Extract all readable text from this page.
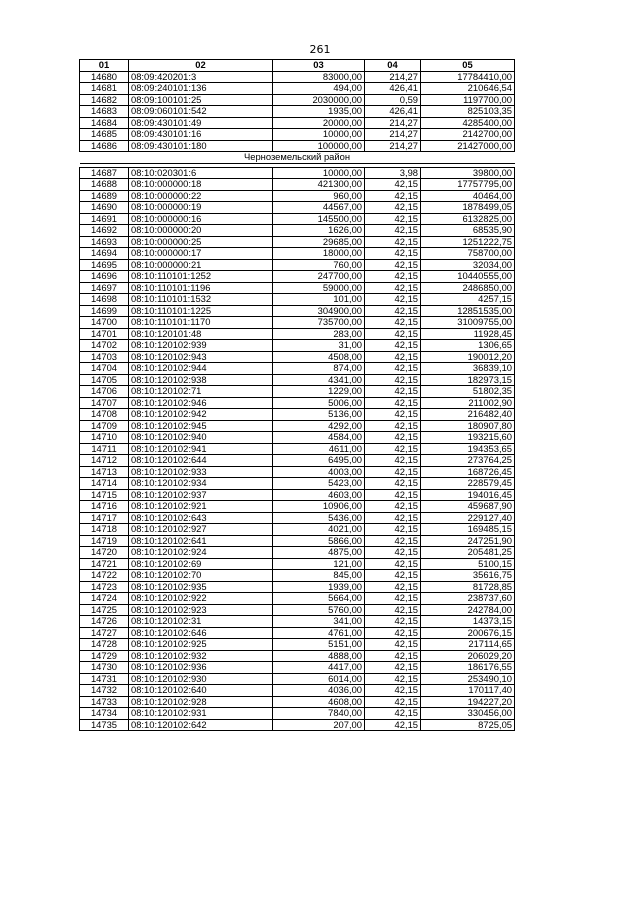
261
01	02	03	04	05
14680	08:09:420201:3	83000,00	214,27	17784410,00
14681	08:09:240101:136	494,00	426,41	210646,54
14682	08:09:100101:25	2030000,00	0,59	1197700,00
14683	08:09:060101:542	1935,00	426,41	825103,35
14684	08:09:430101:49	20000,00	214,27	4285400,00
14685	08:09:430101:16	10000,00	214,27	2142700,00
14686	08:09:430101:180	100000,00	214,27	21427000,00
Черноземельский район				

14687	08:10:020301:6	10000,00	3,98	39800,00
14688	08:10:000000:18	421300,00	42,15	17757795,00
14689	08:10:000000:22	960,00	42,15	40464,00
14690	08:10:000000:19	44567,00	42,15	1878499,05
14691	08:10:000000:16	145500,00	42,15	6132825,00
14692	08:10:000000:20	1626,00	42,15	68535,90
14693	08:10:000000:25	29685,00	42,15	1251222,75
14694	08:10:000000:17	18000,00	42,15	758700,00
14695	08:10:000000:21	760,00	42,15	32034,00
14696	08:10:110101:1252	247700,00	42,15	10440555,00
14697	08:10:110101:1196	59000,00	42,15	2486850,00
14698	08:10:110101:1532	101,00	42,15	4257,15
14699	08:10:110101:1225	304900,00	42,15	12851535,00
14700	08:10:110101:1170	735700,00	42,15	31009755,00
14701	08:10:120101:48	283,00	42,15	11928,45
14702	08:10:120102:939	31,00	42,15	1306,65
14703	08:10:120102:943	4508,00	42,15	190012,20
14704	08:10:120102:944	874,00	42,15	36839,10
14705	08:10:120102:938	4341,00	42,15	182973,15
14706	08:10:120102:71	1229,00	42,15	51802,35
14707	08:10:120102:946	5006,00	42,15	211002,90
14708	08:10:120102:942	5136,00	42,15	216482,40
14709	08:10:120102:945	4292,00	42,15	180907,80
14710	08:10:120102:940	4584,00	42,15	193215,60
14711	08:10:120102:941	4611,00	42,15	194353,65
14712	08:10:120102:644	6495,00	42,15	273764,25
14713	08:10:120102:933	4003,00	42,15	168726,45
14714	08:10:120102:934	5423,00	42,15	228579,45
14715	08:10:120102:937	4603,00	42,15	194016,45
14716	08:10:120102:921	10906,00	42,15	459687,90
14717	08:10:120102:643	5436,00	42,15	229127,40
14718	08:10:120102:927	4021,00	42,15	169485,15
14719	08:10:120102:641	5866,00	42,15	247251,90
14720	08:10:120102:924	4875,00	42,15	205481,25
14721	08:10:120102:69	121,00	42,15	5100,15
14722	08:10:120102:70	845,00	42,15	35616,75
14723	08:10:120102:935	1939,00	42,15	81728,85
14724	08:10:120102:922	5664,00	42,15	238737,60
14725	08:10:120102:923	5760,00	42,15	242784,00
14726	08:10:120102:31	341,00	42,15	14373,15
14727	08:10:120102:646	4761,00	42,15	200676,15
14728	08:10:120102:925	5151,00	42,15	217114,65
14729	08:10:120102:932	4888,00	42,15	206029,20
14730	08:10:120102:936	4417,00	42,15	186176,55
14731	08:10:120102:930	6014,00	42,15	253490,10
14732	08:10:120102:640	4036,00	42,15	170117,40
14733	08:10:120102:928	4608,00	42,15	194227,20
14734	08:10:120102:931	7840,00	42,15	330456,00
14735	08:10:120102:642	207,00	42,15	8725,05
